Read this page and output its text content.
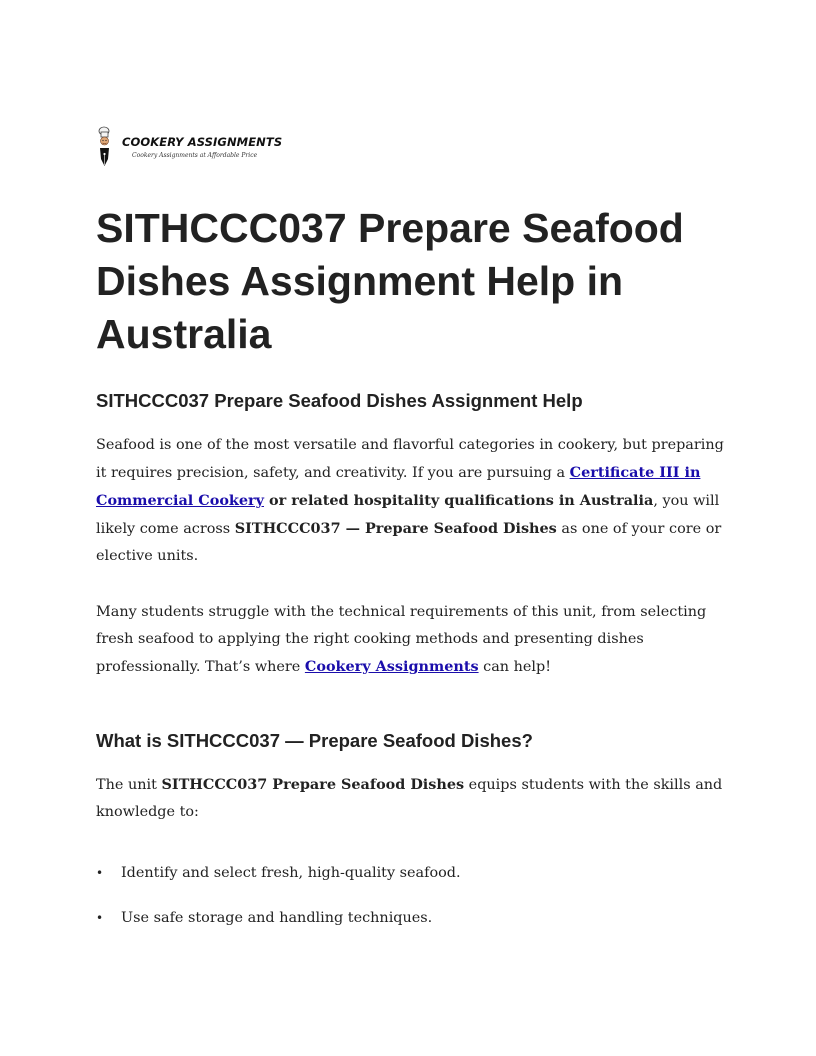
COOKERY ASSIGNMENTS
Cookery Assignments at Affordable Price
SITHCCC037 Prepare Seafood Dishes Assignment Help in Australia
SITHCCC037 Prepare Seafood Dishes Assignment Help

Seafood is one of the most versatile and flavorful categories in cookery, but preparing it requires precision, safety, and creativity. If you are pursuing a Certificate III in Commercial Cookery or related hospitality qualifications in Australia, you will likely come across SITHCCC037 — Prepare Seafood Dishes as one of your core or elective units.

Many students struggle with the technical requirements of this unit, from selecting fresh seafood to applying the right cooking methods and presenting dishes professionally. That’s where Cookery Assignments can help!

What is SITHCCC037 — Prepare Seafood Dishes?

The unit SITHCCC037 Prepare Seafood Dishes equips students with the skills and knowledge to:

• Identify and select fresh, high-quality seafood.
• Use safe storage and handling techniques.
